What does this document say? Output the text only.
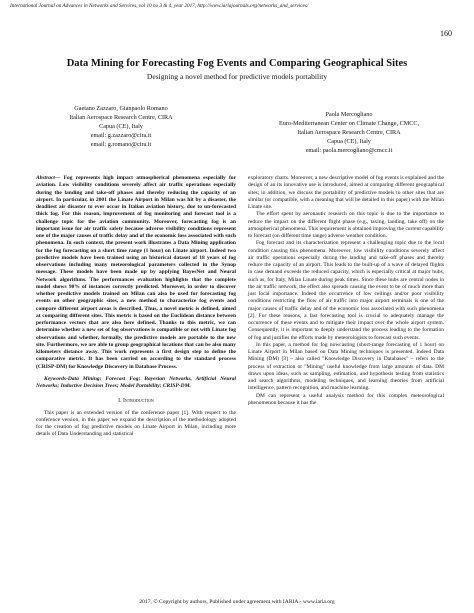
International Journal on Advances in Networks and Services, vol 10 no 3 & 4, year 2017, http://www.iariajournals.org/networks_and_services/
160
Data Mining for Forecasting Fog Events and Comparing Geographical Sites
Designing a novel method for predictive models portability
Gaetano Zazzaro, Gianpaolo Romano
Italian Aerospace Research Centre, CIRA
Capua (CE), Italy
email: g.zazzaro@cira.it
email: g.romano@cira.it
Paola Mercogliano
Euro-Mediterranean Center on Climate Change, CMCC,
Italian Aerospace Research Centre, CIRA
Capua (CE), Italy
email: paola.mercogliano@cmcc.it

Abstract— Fog represents high impact atmospherical phenomena especially for aviation. Low visibility conditions severely affect air traffic operations especially during the landing and take-off phases and thereby reducing the capacity of an airport. In particular, in 2001 the Linate Airport in Milan was hit by a disaster, the deadliest air disaster to ever occur in Italian aviation history, due to un-forecasted thick fog. For this reason, improvement of fog monitoring and forecast tool is a challenge topic for the aviation community. Moreover, forecasting fog is an important issue for air traffic safety because adverse visibility conditions represent one of the major causes of traffic delay and of the economic loss associated with such phenomena. In such context, the present work illustrates a Data Mining application for the fog forecasting on a short time range (1 hour) on Linate airport. Indeed two predictive models have been trained using an historical dataset of 18 years of fog observations including many meteorological parameters collected in the Synop message. These models have been made up by applying BayesNet and Neural Network algorithms. The performances evaluation highlights that the complete model shows 90% of instances correctly predicted. Moreover, in order to discover whether predictive models trained on Milan can also be used for forecasting fog events on other geographic sites, a new method to characterize fog events and compare different airport areas is described. Thus, a novel metric is defined, aimed at comparing different sites. This metric is based on the Euclidean distance between performance vectors that are also here defined. Thanks to this metric, we can determine whether a new set of fog observations is compatible or not with Linate fog observations and whether, formally, the predictive models are portable to the new site. Furthermore, we are able to group geographical locations that can be also many kilometers distance away. This work represents a first design step to define the comparative metric. It has been carried on according to the standard process (CRISP-DM) for Knowledge Discovery in Database Process.

Keywords-Data Mining; Forecast Fog; Bayesian Networks, Artificial Neural Networks; Inductive Decision Trees; Model Portability; CRISP-DM.

I. Introduction

This paper is an extended version of the conference paper [1]. With respect to the conference version, in this paper we expand the description of the methodology adopted for the creation of fog predictive models on Linate Airport in Milan, including more details of Data Understanding and statistical

exploratory charts. Moreover, a new descriptive model of fog events is explained and the design of an its innovative use is introduced, aimed at comparing different geographical sites; in addition, we discuss the portability of predictive models to other sites that are similar (or compatible, with a meaning that will be detailed in this paper) with the Milan Linate site.

The effort spent by aeronautic research on this topic is due to the importance to reduce the impact on the different flight phase (e.g., taxing, landing, take off) on the atmospherical phenomena. This requirement is obtained improving the current capability to forecast (on different time range) adverse weather condition.

Fog forecast and its characterization represent a challenging topic due to the local condition causing this phenomena. Moreover, low visibility conditions severely affect air traffic operations especially during the landing and take-off phases and thereby reduce the capacity of an airport. This leads to the built-up of a wave of delayed flights in case demand exceeds the reduced capacity, which is especially critical at major hubs, such as, for Italy, Milan Linate during peak times. Since these hubs are central nodes in the air traffic network, the effect also spreads causing the event to be of much more than just local importance. Indeed the occurrence of low ceilings and/or poor visibility conditions restricting the flow of air traffic into major airport terminals is one of the major causes of traffic delay and of the economic loss associated with such phenomena [2]. For these reasons, a fast forecasting tool is crucial to adequately manage the occurrence of these events and to mitigate their impact over the whole airport system. Consequently, it is important to deeply understand the process leading to the formation of fog and justifies the efforts made by meteorologists to forecast such events.

In this paper, a method for fog nowcasting (short-range forecasting of 1 hour) on Linate Airport in Milan based on Data Mining techniques is presented. Indeed Data Mining (DM) [3] – also called "Knowledge Discovery in Databases" – refers to the process of extraction or "Mining" useful knowledge from large amounts of data. DM draws upon ideas, such as sampling, estimation, and hypothesis testing from statistics and search algorithms, modeling techniques, and learning theories from artificial intelligence, pattern recognition, and machine learning.

DM can represent a useful analysis method for this complex meteorological phenomenon because it has the

2017, © Copyright by authors, Published under agreement with IARIA - www.iaria.org
